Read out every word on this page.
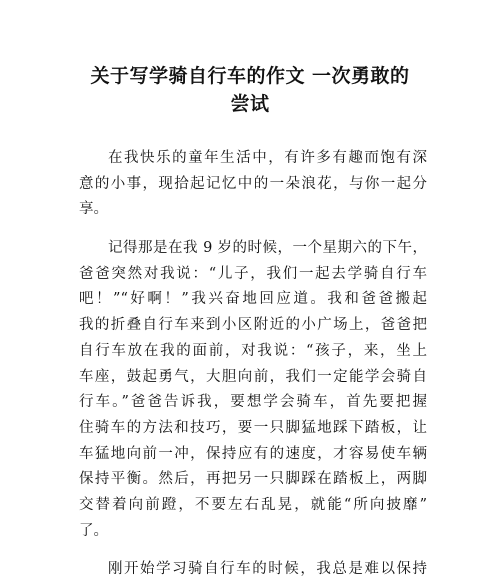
关于写学骑自行车的作文 一次勇敢的
尝试
在我快乐的童年生活中，有许多有趣而饱有深
意的小事，现拾起记忆中的一朵浪花，与你一起分
享。
记得那是在我 9 岁的时候，一个星期六的下午，
爸爸突然对我说：“儿子，我们一起去学骑自行车
吧！”“好啊！”我兴奋地回应道。我和爸爸搬起
我的折叠自行车来到小区附近的小广场上，爸爸把
自行车放在我的面前，对我说：“孩子，来，坐上
车座，鼓起勇气，大胆向前，我们一定能学会骑自
行车。”爸爸告诉我，要想学会骑车，首先要把握
住骑车的方法和技巧，要一只脚猛地踩下踏板，让
车猛地向前一冲，保持应有的速度，才容易使车辆
保持平衡。然后，再把另一只脚踩在踏板上，两脚
交替着向前蹬，不要左右乱晃，就能“所向披靡”
了。
刚开始学习骑自行车的时候，我总是难以保持
